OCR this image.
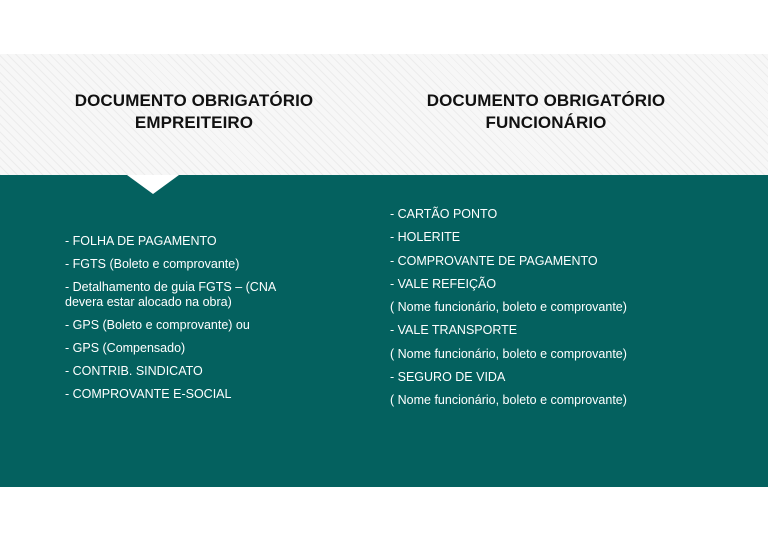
DOCUMENTO OBRIGATÓRIO
EMPREITEIRO
DOCUMENTO OBRIGATÓRIO
FUNCIONÁRIO
- FOLHA DE PAGAMENTO
- FGTS (Boleto e comprovante)
- Detalhamento de guia FGTS – (CNA devera estar alocado na obra)
- GPS (Boleto e comprovante) ou
- GPS (Compensado)
- CONTRIB. SINDICATO
- COMPROVANTE E-SOCIAL
- CARTÃO PONTO
- HOLERITE
- COMPROVANTE DE PAGAMENTO
- VALE REFEIÇÃO
( Nome funcionário, boleto e comprovante)
- VALE TRANSPORTE
( Nome funcionário, boleto e comprovante)
- SEGURO DE VIDA
( Nome funcionário, boleto e comprovante)
